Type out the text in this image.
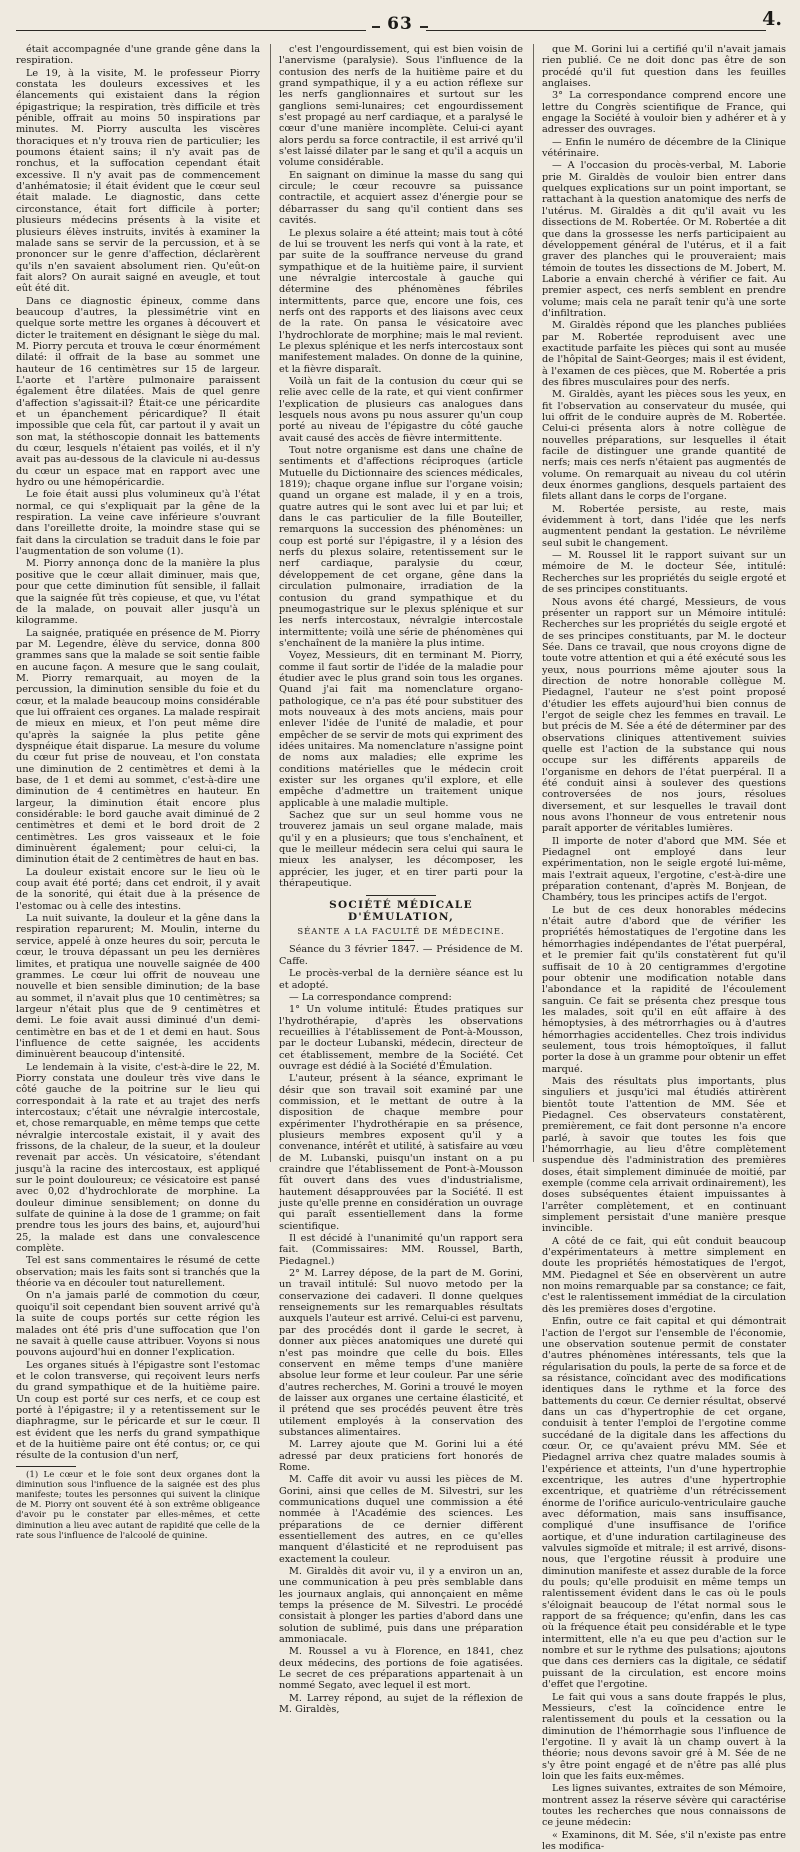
63	4.

était accompagnée d'une grande gêne dans la respiration.

Le 19, à la visite, M. le professeur Piorry constata les douleurs excessives et les élancements qui existaient dans la région épigastrique; la respiration, très difficile et très pénible, offrait au moins 50 inspirations par minutes. M. Piorry ausculta les viscères thoraciques et n'y trouva rien de particulier; les poumons étaient sains; il n'y avait pas de ronchus, et la suffocation cependant était excessive. Il n'y avait pas de commencement d'anhématosie; il était évident que le cœur seul était malade. Le diagnostic, dans cette circonstance, était fort difficile à porter; plusieurs médecins présents à la visite et plusieurs élèves instruits, invités à examiner la malade sans se servir de la percussion, et à se prononcer sur le genre d'affection, déclarèrent qu'ils n'en savaient absolument rien. Qu'eût-on fait alors? On aurait saigné en aveugle, et tout eût été dit.

Dans ce diagnostic épineux, comme dans beaucoup d'autres, la plessimétrie vint en quelque sorte mettre les organes à découvert et dicter le traitement en désignant le siège du mal. M. Piorry percuta et trouva le cœur énormément dilaté: il offrait de la base au sommet une hauteur de 16 centimètres sur 15 de largeur. L'aorte et l'artère pulmonaire paraissent également être dilatées. Mais de quel genre d'affection s'agissait-il? Était-ce une péricardite et un épanchement péricardique? Il était impossible que cela fût, car partout il y avait un son mat, la stéthoscopie donnait les battements du cœur, lesquels n'étaient pas voilés, et il n'y avait pas au-dessous de la clavicule ni au-dessus du cœur un espace mat en rapport avec une hydro ou une hémopéricardie.

Le foie était aussi plus volumineux qu'à l'état normal, ce qui s'expliquait par la gêne de la respiration. La veine cave inférieure s'ouvrant dans l'oreillette droite, la moindre stase qui se fait dans la circulation se traduit dans le foie par l'augmentation de son volume (1).

M. Piorry annonça donc de la manière la plus positive que le cœur allait diminuer, mais que, pour que cette diminution fût sensible, il fallait que la saignée fût très copieuse, et que, vu l'état de la malade, on pouvait aller jusqu'à un kilogramme.

La saignée, pratiquée en présence de M. Piorry par M. Legendre, élève du service, donna 800 grammes sans que la malade se soit sentie faible en aucune façon. A mesure que le sang coulait, M. Piorry remarquait, au moyen de la percussion, la diminution sensible du foie et du cœur, et la malade beaucoup moins considérable que lui offraient ces organes. La malade respirait de mieux en mieux, et l'on peut même dire qu'après la saignée la plus petite gêne dyspnéique était disparue. La mesure du volume du cœur fut prise de nouveau, et l'on constata une diminution de 2 centimètres et demi à la base, de 1 et demi au sommet, c'est-à-dire une diminution de 4 centimètres en hauteur. En largeur, la diminution était encore plus considérable: le bord gauche avait diminué de 2 centimètres et demi et le bord droit de 2 centimètres. Les gros vaisseaux et le foie diminuèrent également; pour celui-ci, la diminution était de 2 centimètres de haut en bas.

La douleur existait encore sur le lieu où le coup avait été porté; dans cet endroit, il y avait de la sonorité, qui était due à la présence de l'estomac ou à celle des intestins.

La nuit suivante, la douleur et la gêne dans la respiration reparurent; M. Moulin, interne du service, appelé à onze heures du soir, percuta le cœur, le trouva dépassant un peu les dernières limites, et pratiqua une nouvelle saignée de 400 grammes. Le cœur lui offrit de nouveau une nouvelle et bien sensible diminution; de la base au sommet, il n'avait plus que 10 centimètres; sa largeur n'était plus que de 9 centimètres et demi. Le foie avait aussi diminué d'un demi-centimètre en bas et de 1 et demi en haut. Sous l'influence de cette saignée, les accidents diminuèrent beaucoup d'intensité.

Le lendemain à la visite, c'est-à-dire le 22, M. Piorry constata une douleur très vive dans le côté gauche de la poitrine sur le lieu qui correspondait à la rate et au trajet des nerfs intercostaux; c'était une névralgie intercostale, et, chose remarquable, en même temps que cette névralgie intercostale existait, il y avait des frissons, de la chaleur, de la sueur, et la douleur revenait par accès. Un vésicatoire, s'étendant jusqu'à la racine des intercostaux, est appliqué sur le point douloureux; ce vésicatoire est pansé avec 0,02 d'hydrochlorate de morphine. La douleur diminue sensiblement; on donne du sulfate de quinine à la dose de 1 gramme; on fait prendre tous les jours des bains, et, aujourd'hui 25, la malade est dans une convalescence complète.

Tel est sans commentaires le résumé de cette observation; mais les faits sont si tranchés que la théorie va en découler tout naturellement.

On n'a jamais parlé de commotion du cœur, quoiqu'il soit cependant bien souvent arrivé qu'à la suite de coups portés sur cette région les malades ont été pris d'une suffocation que l'on ne savait à quelle cause attribuer. Voyons si nous pouvons aujourd'hui en donner l'explication.

Les organes situés à l'épigastre sont l'estomac et le colon transverse, qui reçoivent leurs nerfs du grand sympathique et de la huitième paire. Un coup est porté sur ces nerfs, et ce coup est porté à l'épigastre; il y a retentissement sur le diaphragme, sur le péricarde et sur le cœur. Il est évident que les nerfs du grand sympathique et de la huitième paire ont été contus; or, ce qui résulte de la contusion d'un nerf,

(1) Le cœur et le foie sont deux organes dont la diminution sous l'influence de la saignée est des plus manifeste; toutes les personnes qui suivent la clinique de M. Piorry ont souvent été à son extrême obligeance d'avoir pu le constater par elles-mêmes, et cette diminution a lieu avec autant de rapidité que celle de la rate sous l'influence de l'alcoolé de quinine.

c'est l'engourdissement, qui est bien voisin de l'anervisme (paralysie). Sous l'influence de la contusion des nerfs de la huitième paire et du grand sympathique, il y a eu action réflexe sur les nerfs ganglionnaires et surtout sur les ganglions semi-lunaires; cet engourdissement s'est propagé au nerf cardiaque, et a paralysé le cœur d'une manière incomplète. Celui-ci ayant alors perdu sa force contractile, il est arrivé qu'il s'est laissé dilater par le sang et qu'il a acquis un volume considérable.

En saignant on diminue la masse du sang qui circule; le cœur recouvre sa puissance contractile, et acquiert assez d'énergie pour se débarrasser du sang qu'il contient dans ses cavités.

Le plexus solaire a été atteint; mais tout à côté de lui se trouvent les nerfs qui vont à la rate, et par suite de la souffrance nerveuse du grand sympathique et de la huitième paire, il survient une névralgie intercostale à gauche qui détermine des phénomènes fébriles intermittents, parce que, encore une fois, ces nerfs ont des rapports et des liaisons avec ceux de la rate. On pansa le vésicatoire avec l'hydrochlorate de morphine; mais le mal revient. Le plexus splénique et les nerfs intercostaux sont manifestement malades. On donne de la quinine, et la fièvre disparaît.

Voilà un fait de la contusion du cœur qui se relie avec celle de la rate, et qui vient confirmer l'explication de plusieurs cas analogues dans lesquels nous avons pu nous assurer qu'un coup porté au niveau de l'épigastre du côté gauche avait causé des accès de fièvre intermittente.

Tout notre organisme est dans une chaîne de sentiments et d'affections réciproques (article Mutuelle du Dictionnaire des sciences médicales, 1819); chaque organe influe sur l'organe voisin; quand un organe est malade, il y en a trois, quatre autres qui le sont avec lui et par lui; et dans le cas particulier de la fille Bouteiller, remarquons la succession des phénomènes: un coup est porté sur l'épigastre, il y a lésion des nerfs du plexus solaire, retentissement sur le nerf cardiaque, paralysie du cœur, développement de cet organe, gêne dans la circulation pulmonaire, irradiation de la contusion du grand sympathique et du pneumogastrique sur le plexus splénique et sur les nerfs intercostaux, névralgie intercostale intermittente; voilà une série de phénomènes qui s'enchaînent de la manière la plus intime.

Voyez, Messieurs, dit en terminant M. Piorry, comme il faut sortir de l'idée de la maladie pour étudier avec le plus grand soin tous les organes. Quand j'ai fait ma nomenclature organo-pathologique, ce n'a pas été pour substituer des mots nouveaux à des mots anciens, mais pour enlever l'idée de l'unité de maladie, et pour empêcher de se servir de mots qui expriment des idées unitaires. Ma nomenclature n'assigne point de noms aux maladies; elle exprime les conditions matérielles que le médecin croit exister sur les organes qu'il explore, et elle empêche d'admettre un traitement unique applicable à une maladie multiple.

Sachez que sur un seul homme vous ne trouverez jamais un seul organe malade, mais qu'il y en a plusieurs; que tous s'enchaînent, et que le meilleur médecin sera celui qui saura le mieux les analyser, les décomposer, les apprécier, les juger, et en tirer parti pour la thérapeutique.

SOCIÉTÉ MÉDICALE D'ÉMULATION,
SÉANTE A LA FACULTÉ DE MÉDECINE.

Séance du 3 février 1847. — Présidence de M. Caffe.

Le procès-verbal de la dernière séance est lu et adopté.

— La correspondance comprend:

1° Un volume intitulé: Études pratiques sur l'hydrothérapie, d'après les observations recueillies à l'établissement de Pont-à-Mousson, par le docteur Lubanski, médecin, directeur de cet établissement, membre de la Société. Cet ouvrage est dédié à la Société d'Émulation.

L'auteur, présent à la séance, exprimant le désir que son travail soit examiné par une commission, et le mettant de outre à la disposition de chaque membre pour expérimenter l'hydrothérapie en sa présence, plusieurs membres exposent qu'il y a convenance, intérêt et utilité, à satisfaire au vœu de M. Lubanski, puisqu'un instant on a pu craindre que l'établissement de Pont-à-Mousson fût ouvert dans des vues d'industrialisme, hautement désapprouvées par la Société. Il est juste qu'elle prenne en considération un ouvrage qui paraît essentiellement dans la forme scientifique.

Il est décidé à l'unanimité qu'un rapport sera fait. (Commissaires: MM. Roussel, Barth, Piedagnel.)

2° M. Larrey dépose, de la part de M. Gorini, un travail intitulé: Sul nuovo metodo per la conservazione dei cadaveri. Il donne quelques renseignements sur les remarquables résultats auxquels l'auteur est arrivé. Celui-ci est parvenu, par des procédés dont il garde le secret, à donner aux pièces anatomiques une dureté qui n'est pas moindre que celle du bois. Elles conservent en même temps d'une manière absolue leur forme et leur couleur. Par une série d'autres recherches, M. Gorini a trouvé le moyen de laisser aux organes une certaine élasticité, et il prétend que ses procédés peuvent être très utilement employés à la conservation des substances alimentaires.

M. Larrey ajoute que M. Gorini lui a été adressé par deux praticiens fort honorés de Rome.

M. Caffe dit avoir vu aussi les pièces de M. Gorini, ainsi que celles de M. Silvestri, sur les communications duquel une commission a été nommée à l'Académie des sciences. Les préparations de ce dernier diffèrent essentiellement des autres, en ce qu'elles manquent d'élasticité et ne reproduisent pas exactement la couleur.

M. Giraldès dit avoir vu, il y a environ un an, une communication à peu près semblable dans les journaux anglais, qui annonçaient en même temps la présence de M. Silvestri. Le procédé consistait à plonger les parties d'abord dans une solution de sublimé, puis dans une préparation ammoniacale.

M. Roussel a vu à Florence, en 1841, chez deux médecins, des portions de foie agatisées. Le secret de ces préparations appartenait à un nommé Segato, avec lequel il est mort.

M. Larrey répond, au sujet de la réflexion de M. Giraldès,

que M. Gorini lui a certifié qu'il n'avait jamais rien publié. Ce ne doit donc pas être de son procédé qu'il fut question dans les feuilles anglaises.

3° La correspondance comprend encore une lettre du Congrès scientifique de France, qui engage la Société à vouloir bien y adhérer et à y adresser des ouvrages.

— Enfin le numéro de décembre de la Clinique vétérinaire.

— A l'occasion du procès-verbal, M. Laborie prie M. Giraldès de vouloir bien entrer dans quelques explications sur un point important, se rattachant à la question anatomique des nerfs de l'utérus. M. Giraldès a dit qu'il avait vu les dissections de M. Robertée. Or M. Robertée a dit que dans la grossesse les nerfs participaient au développement général de l'utérus, et il a fait graver des planches qui le prouveraient; mais témoin de toutes les dissections de M. Jobert, M. Laborie a envain cherché à vérifier ce fait. Au premier aspect, ces nerfs semblent en prendre volume; mais cela ne paraît tenir qu'à une sorte d'infiltration.

M. Giraldès répond que les planches publiées par M. Robertée reproduisent avec une exactitude parfaite les pièces qui sont au musée de l'hôpital de Saint-Georges; mais il est évident, à l'examen de ces pièces, que M. Robertée a pris des fibres musculaires pour des nerfs.

M. Giraldès, ayant les pièces sous les yeux, en fit l'observation au conservateur du musée, qui lui offrit de le conduire auprès de M. Robertée. Celui-ci présenta alors à notre collègue de nouvelles préparations, sur lesquelles il était facile de distinguer une grande quantité de nerfs; mais ces nerfs n'étaient pas augmentés de volume. On remarquait au niveau du col utérin deux énormes ganglions, desquels partaient des filets allant dans le corps de l'organe.

M. Robertée persiste, au reste, mais évidemment à tort, dans l'idée que les nerfs augmentent pendant la gestation. Le névrilème seul subit le changement.

— M. Roussel lit le rapport suivant sur un mémoire de M. le docteur Sée, intitulé: Recherches sur les propriétés du seigle ergoté et de ses principes constituants.

Nous avons été chargé, Messieurs, de vous présenter un rapport sur un Mémoire intitulé: Recherches sur les propriétés du seigle ergoté et de ses principes constituants, par M. le docteur Sée. Dans ce travail, que nous croyons digne de toute votre attention et qui a été exécuté sous les yeux, nous pourrions même ajouter sous la direction de notre honorable collègue M. Piedagnel, l'auteur ne s'est point proposé d'étudier les effets aujourd'hui bien connus de l'ergot de seigle chez les femmes en travail. Le but précis de M. Sée a été de déterminer par des observations cliniques attentivement suivies quelle est l'action de la substance qui nous occupe sur les différents appareils de l'organisme en dehors de l'état puerpéral. Il a été conduit ainsi à soulever des questions controversées de nos jours, résolues diversement, et sur lesquelles le travail dont nous avons l'honneur de vous entretenir nous paraît apporter de véritables lumières.

Il importe de noter d'abord que MM. Sée et Piedagnel ont employé dans leur expérimentation, non le seigle ergoté lui-même, mais l'extrait aqueux, l'ergotine, c'est-à-dire une préparation contenant, d'après M. Bonjean, de Chambéry, tous les principes actifs de l'ergot.

Le but de ces deux honorables médecins n'était autre d'abord que de vérifier les propriétés hémostatiques de l'ergotine dans les hémorrhagies indépendantes de l'état puerpéral, et le premier fait qu'ils constatèrent fut qu'il suffisait de 10 à 20 centigrammes d'ergotine pour obtenir une modification notable dans l'abondance et la rapidité de l'écoulement sanguin. Ce fait se présenta chez presque tous les malades, soit qu'il en eût affaire à des hémoptysies, à des métrorrhagies ou à d'autres hémorrhagies accidentelles. Chez trois individus seulement, tous trois hémoptoïques, il fallut porter la dose à un gramme pour obtenir un effet marqué.

Mais des résultats plus importants, plus singuliers et jusqu'ici mal étudiés attirèrent bientôt toute l'attention de MM. Sée et Piedagnel. Ces observateurs constatèrent, premièrement, ce fait dont personne n'a encore parlé, à savoir que toutes les fois que l'hémorrhagie, au lieu d'être complètement suspendue dès l'administration des premières doses, était simplement diminuée de moitié, par exemple (comme cela arrivait ordinairement), les doses subséquentes étaient impuissantes à l'arrêter complètement, et en continuant simplement persistait d'une manière presque invincible.

A côté de ce fait, qui eût conduit beaucoup d'expérimentateurs à mettre simplement en doute les propriétés hémostatiques de l'ergot, MM. Piedagnel et Sée en observèrent un autre non moins remarquable par sa constance; ce fait, c'est le ralentissement immédiat de la circulation dès les premières doses d'ergotine.

Enfin, outre ce fait capital et qui démontrait l'action de l'ergot sur l'ensemble de l'économie, une observation soutenue permit de constater d'autres phénomènes intéressants, tels que la régularisation du pouls, la perte de sa force et de sa résistance, coïncidant avec des modifications identiques dans le rythme et la force des battements du cœur. Ce dernier résultat, observé dans un cas d'hypertrophie de cet organe, conduisit à tenter l'emploi de l'ergotine comme succédané de la digitale dans les affections du cœur. Or, ce qu'avaient prévu MM. Sée et Piedagnel arriva chez quatre malades soumis à l'expérience et atteints, l'un d'une hypertrophie excentrique, les autres d'une hypertrophie excentrique, et quatrième d'un rétrécissement énorme de l'orifice auriculo-ventriculaire gauche avec déformation, mais sans insuffisance, compliqué d'une insuffisance de l'orifice aortique, et d'une induration cartilagineuse des valvules sigmoïde et mitrale; il est arrivé, disons-nous, que l'ergotine réussit à produire une diminution manifeste et assez durable de la force du pouls; qu'elle produisit en même temps un ralentissement évident dans le cas où le pouls s'éloignait beaucoup de l'état normal sous le rapport de sa fréquence; qu'enfin, dans les cas où la fréquence était peu considérable et le type intermittent, elle n'a eu que peu d'action sur le nombre et sur le rythme des pulsations; ajoutons que dans ces derniers cas la digitale, ce sédatif puissant de la circulation, est encore moins d'effet que l'ergotine.

Le fait qui vous a sans doute frappés le plus, Messieurs, c'est la coïncidence entre le ralentissement du pouls et la cessation ou la diminution de l'hémorrhagie sous l'influence de l'ergotine. Il y avait là un champ ouvert à la théorie; nous devons savoir gré à M. Sée de ne s'y être point engagé et de n'être pas allé plus loin que les faits eux-mêmes.

Les lignes suivantes, extraites de son Mémoire, montrent assez la réserve sévère qui caractérise toutes les recherches que nous connaissons de ce jeune médecin:

« Examinons, dit M. Sée, s'il n'existe pas entre les modifica-
